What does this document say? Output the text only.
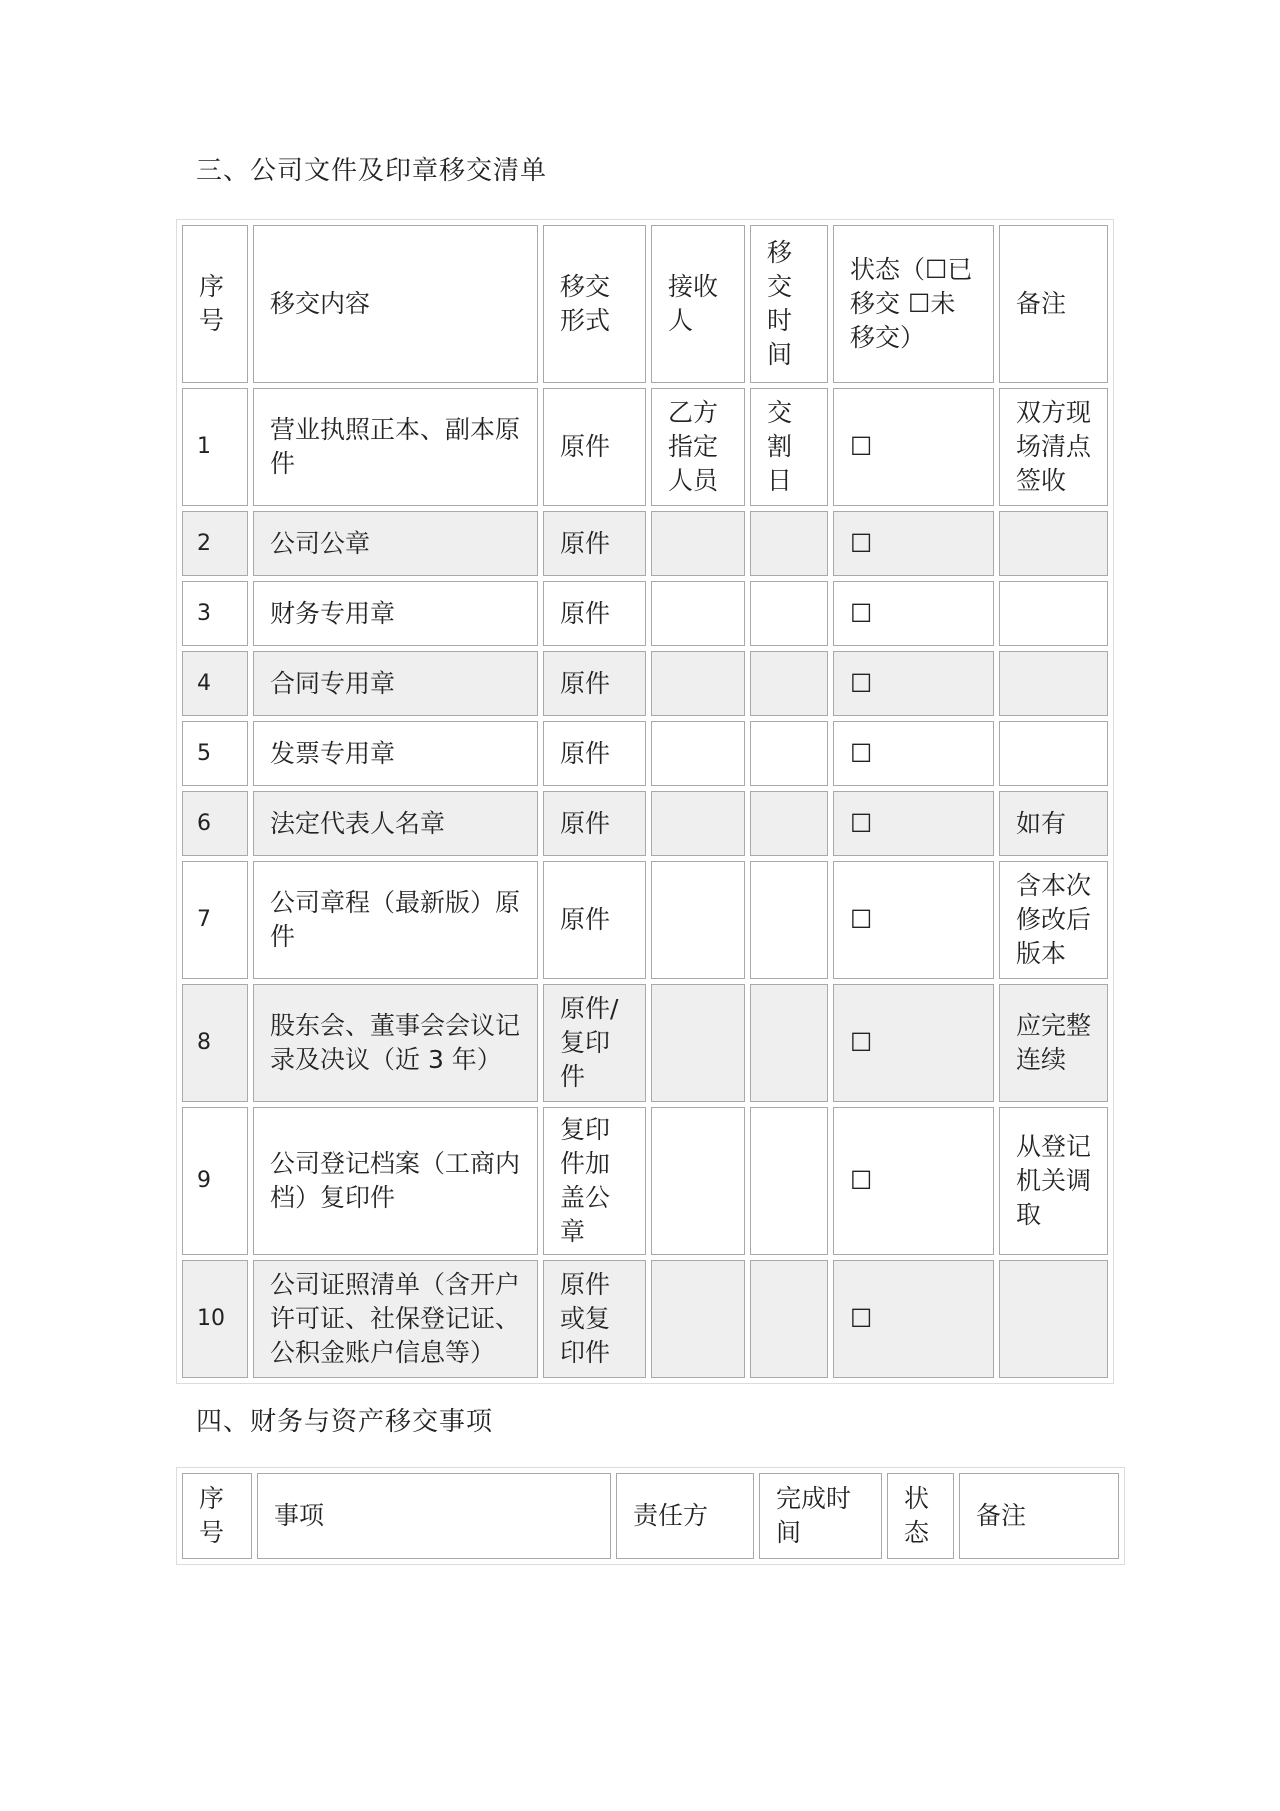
三、公司文件及印章移交清单
序号	移交内容	移交形式	接收人	移交时间	状态（☐已移交 ☐未移交）	备注
1	营业执照正本、副本原件	原件	乙方指定人员	交割日	☐	双方现场清点签收
2	公司公章	原件			☐	
3	财务专用章	原件			☐	
4	合同专用章	原件			☐	
5	发票专用章	原件			☐	
6	法定代表人名章	原件			☐	如有
7	公司章程（最新版）原件	原件			☐	含本次修改后版本
8	股东会、董事会会议记录及决议（近 3 年）	原件/复印件			☐	应完整连续
9	公司登记档案（工商内档）复印件	复印件加盖公章			☐	从登记机关调取
10	公司证照清单（含开户许可证、社保登记证、公积金账户信息等）	原件或复印件			☐	
四、财务与资产移交事项
序号	事项	责任方	完成时间	状态	备注
